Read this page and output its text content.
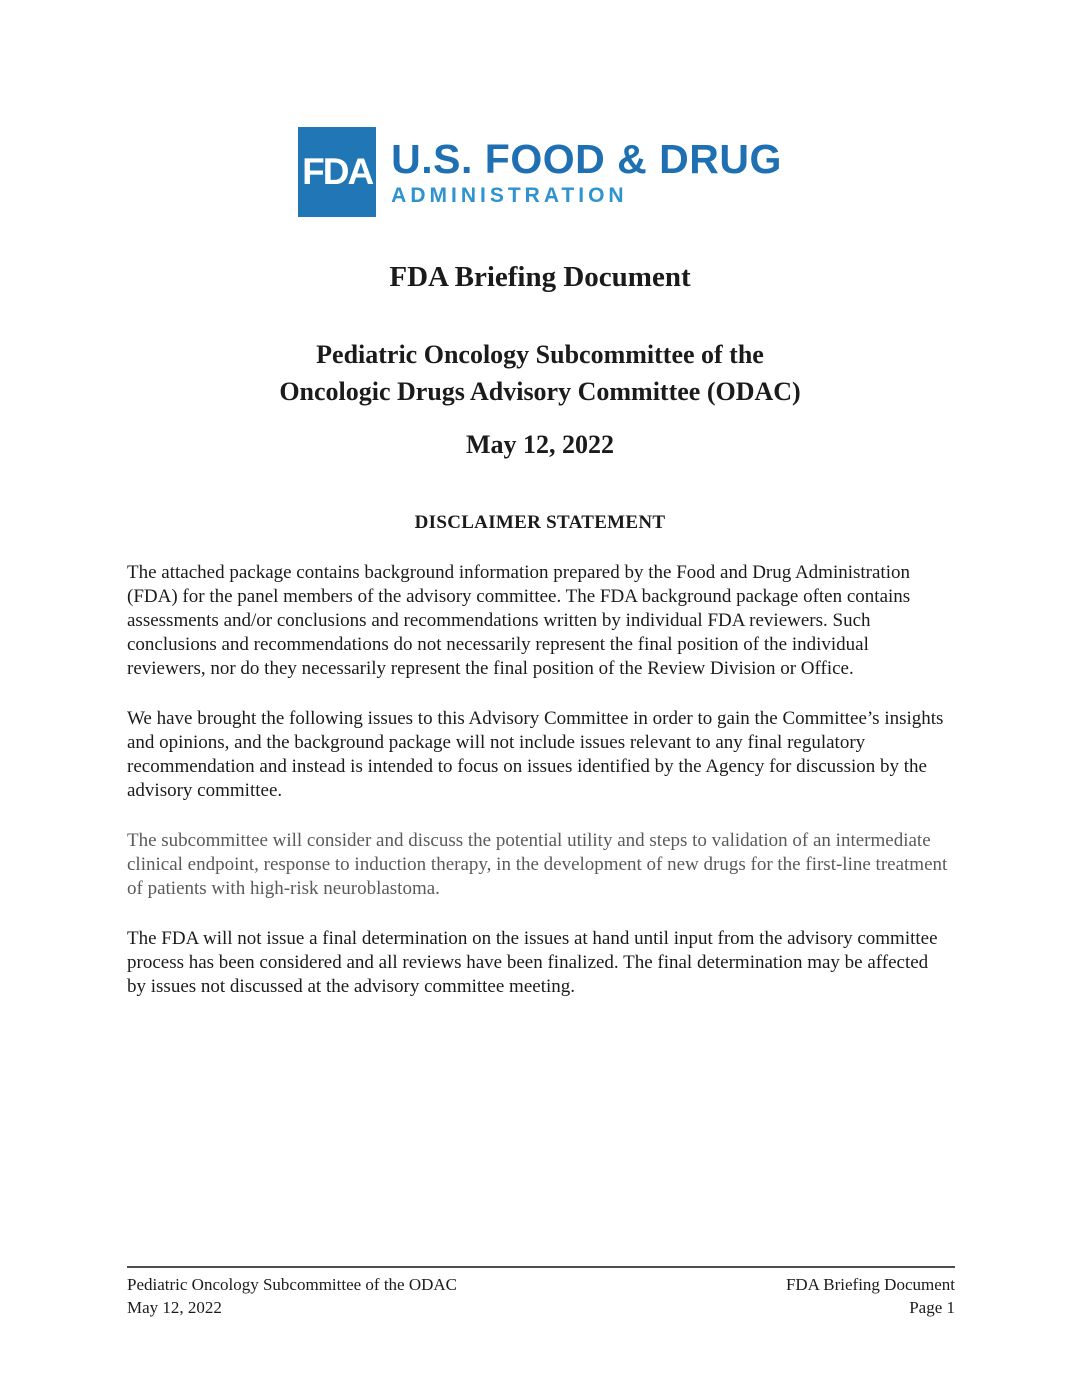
FDA U.S. FOOD & DRUG
ADMINISTRATION
FDA Briefing Document
Pediatric Oncology Subcommittee of the
Oncologic Drugs Advisory Committee (ODAC)
May 12, 2022
DISCLAIMER STATEMENT

The attached package contains background information prepared by the Food and Drug Administration (FDA) for the panel members of the advisory committee. The FDA background package often contains assessments and/or conclusions and recommendations written by individual FDA reviewers. Such conclusions and recommendations do not necessarily represent the final position of the individual reviewers, nor do they necessarily represent the final position of the Review Division or Office.

We have brought the following issues to this Advisory Committee in order to gain the Committee’s insights and opinions, and the background package will not include issues relevant to any final regulatory recommendation and instead is intended to focus on issues identified by the Agency for discussion by the advisory committee.

The subcommittee will consider and discuss the potential utility and steps to validation of an intermediate clinical endpoint, response to induction therapy, in the development of new drugs for the first-line treatment of patients with high-risk neuroblastoma.

The FDA will not issue a final determination on the issues at hand until input from the advisory committee process has been considered and all reviews have been finalized. The final determination may be affected by issues not discussed at the advisory committee meeting.

Pediatric Oncology Subcommittee of the ODAC
May 12, 2022
FDA Briefing Document
Page 1
